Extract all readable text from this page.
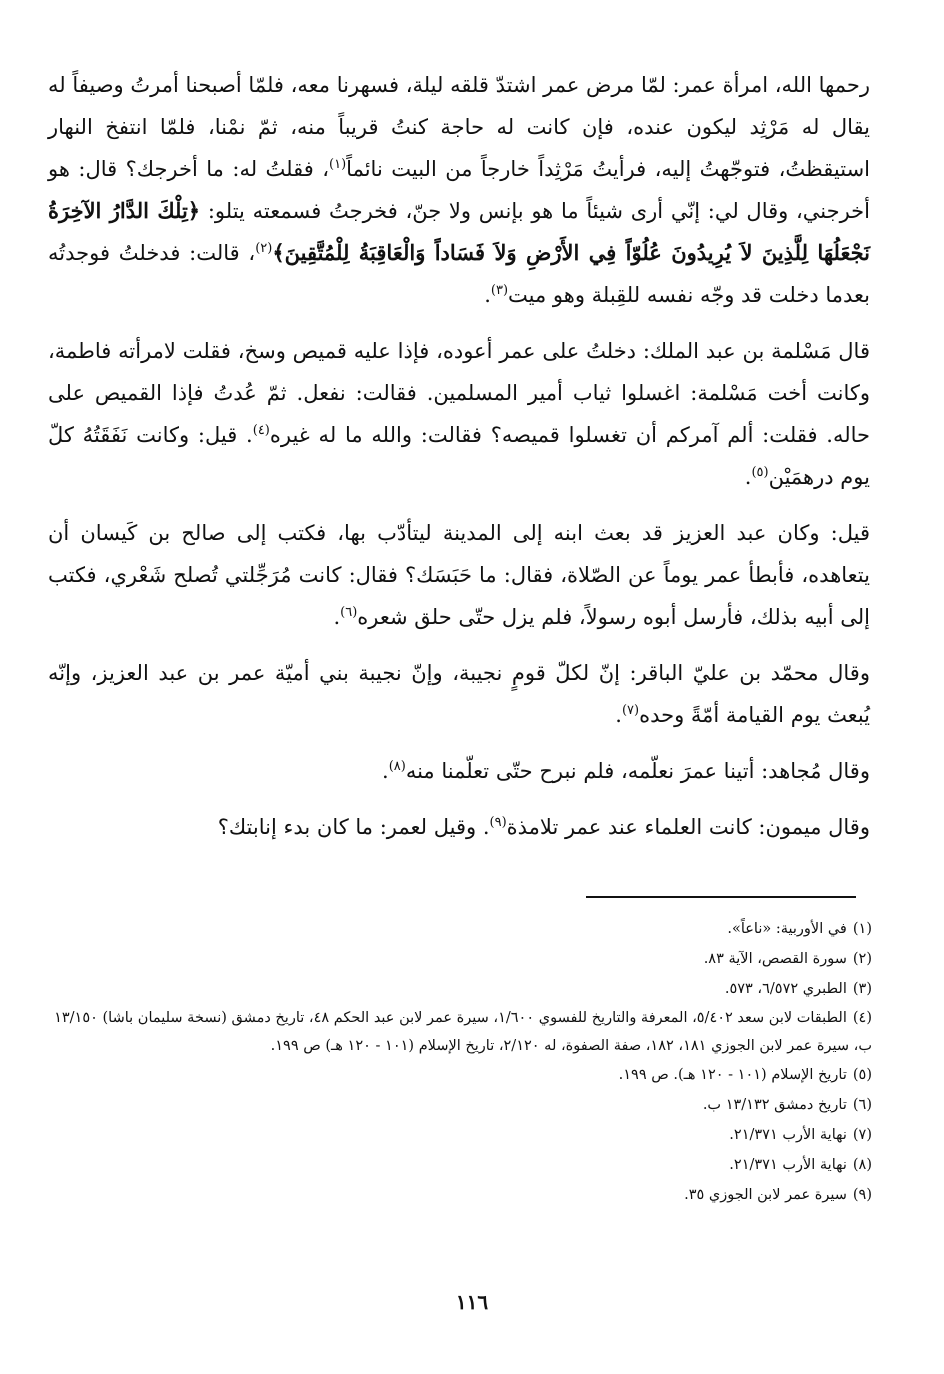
رحمها الله، امرأة عمر: لمّا مرض عمر اشتدّ قلقه ليلة، فسهرنا معه، فلمّا أصبحنا أمرتُ وصيفاً له يقال له مَرْثِد ليكون عنده، فإن كانت له حاجة كنتُ قريباً منه، ثمّ نمْنا، فلمّا انتفخ النهار استيقظتُ، فتوجّهتُ إليه، فرأيتُ مَرْثِداً خارجاً من البيت نائماً$^{(١)}$، فقلتُ له: ما أخرجك؟ قال: هو أخرجني، وقال لي: إنّي أرى شيئاً ما هو بإنس ولا جنّ، فخرجتُ فسمعته يتلو: ﴿تِلْكَ الدَّارُ الآخِرَةُ نَجْعَلُهَا لِلَّذِينَ لاَ يُرِيدُونَ عُلُوّاً فِي الأَرْضِ وَلاَ فَسَاداً وَالْعَاقِبَةُ لِلْمُتَّقِينَ﴾$^{(٢)}$، قالت: فدخلتُ فوجدتُه بعدما دخلت قد وجّه نفسه للقِبلة وهو ميت$^{(٣)}$.

قال مَسْلمة بن عبد الملك: دخلتُ على عمر أعوده، فإذا عليه قميص وسخ، فقلت لامرأته فاطمة، وكانت أخت مَسْلمة: اغسلوا ثياب أمير المسلمين. فقالت: نفعل. ثمّ عُدتُ فإذا القميص على حاله. فقلت: ألم آمركم أن تغسلوا قميصه؟ فقالت: والله ما له غيره$^{(٤)}$. قيل: وكانت نَفَقَتُهُ كلّ يوم درهمَيْن$^{(٥)}$.

قيل: وكان عبد العزيز قد بعث ابنه إلى المدينة ليتأدّب بها، فكتب إلى صالح بن كَيسان أن يتعاهده، فأبطأ عمر يوماً عن الصّلاة، فقال: ما حَبَسَك؟ فقال: كانت مُرَجِّلتي تُصلح شَعْري، فكتب إلى أبيه بذلك، فأرسل أبوه رسولاً، فلم يزل حتّى حلق شعره$^{(٦)}$.

وقال محمّد بن عليّ الباقر: إنّ لكلّ قومٍ نجيبة، وإنّ نجيبة بني أميّة عمر بن عبد العزيز، وإنّه يُبعث يوم القيامة أمّةً وحده$^{(٧)}$.

وقال مُجاهد: أتينا عمرَ نعلّمه، فلم نبرح حتّى تعلّمنا منه$^{(٨)}$.

وقال ميمون: كانت العلماء عند عمر تلامذة$^{(٩)}$. وقيل لعمر: ما كان بدء إنابتك؟

(١)في الأوربية: «ناعاً».
(٢)سورة القصص، الآية ٨٣.
(٣)الطبري ٦/٥٧٢، ٥٧٣.
(٤)الطبقات لابن سعد ٥/٤٠٢، المعرفة والتاريخ للفسوي ١/٦٠٠، سيرة عمر لابن عبد الحكم ٤٨، تاريخ دمشق (نسخة سليمان باشا) ١٣/١٥٠ ب، سيرة عمر لابن الجوزي ١٨١، ١٨٢، صفة الصفوة، له ٢/١٢٠، تاريخ الإسلام (١٠١ - ١٢٠ هـ) ص ١٩٩.
(٥)تاريخ الإسلام (١٠١ - ١٢٠ هـ). ص ١٩٩.
(٦)تاريخ دمشق ١٣/١٣٢ ب.
(٧)نهاية الأرب ٢١/٣٧١.
(٨)نهاية الأرب ٢١/٣٧١.
(٩)سيرة عمر لابن الجوزي ٣٥.
١١٦
